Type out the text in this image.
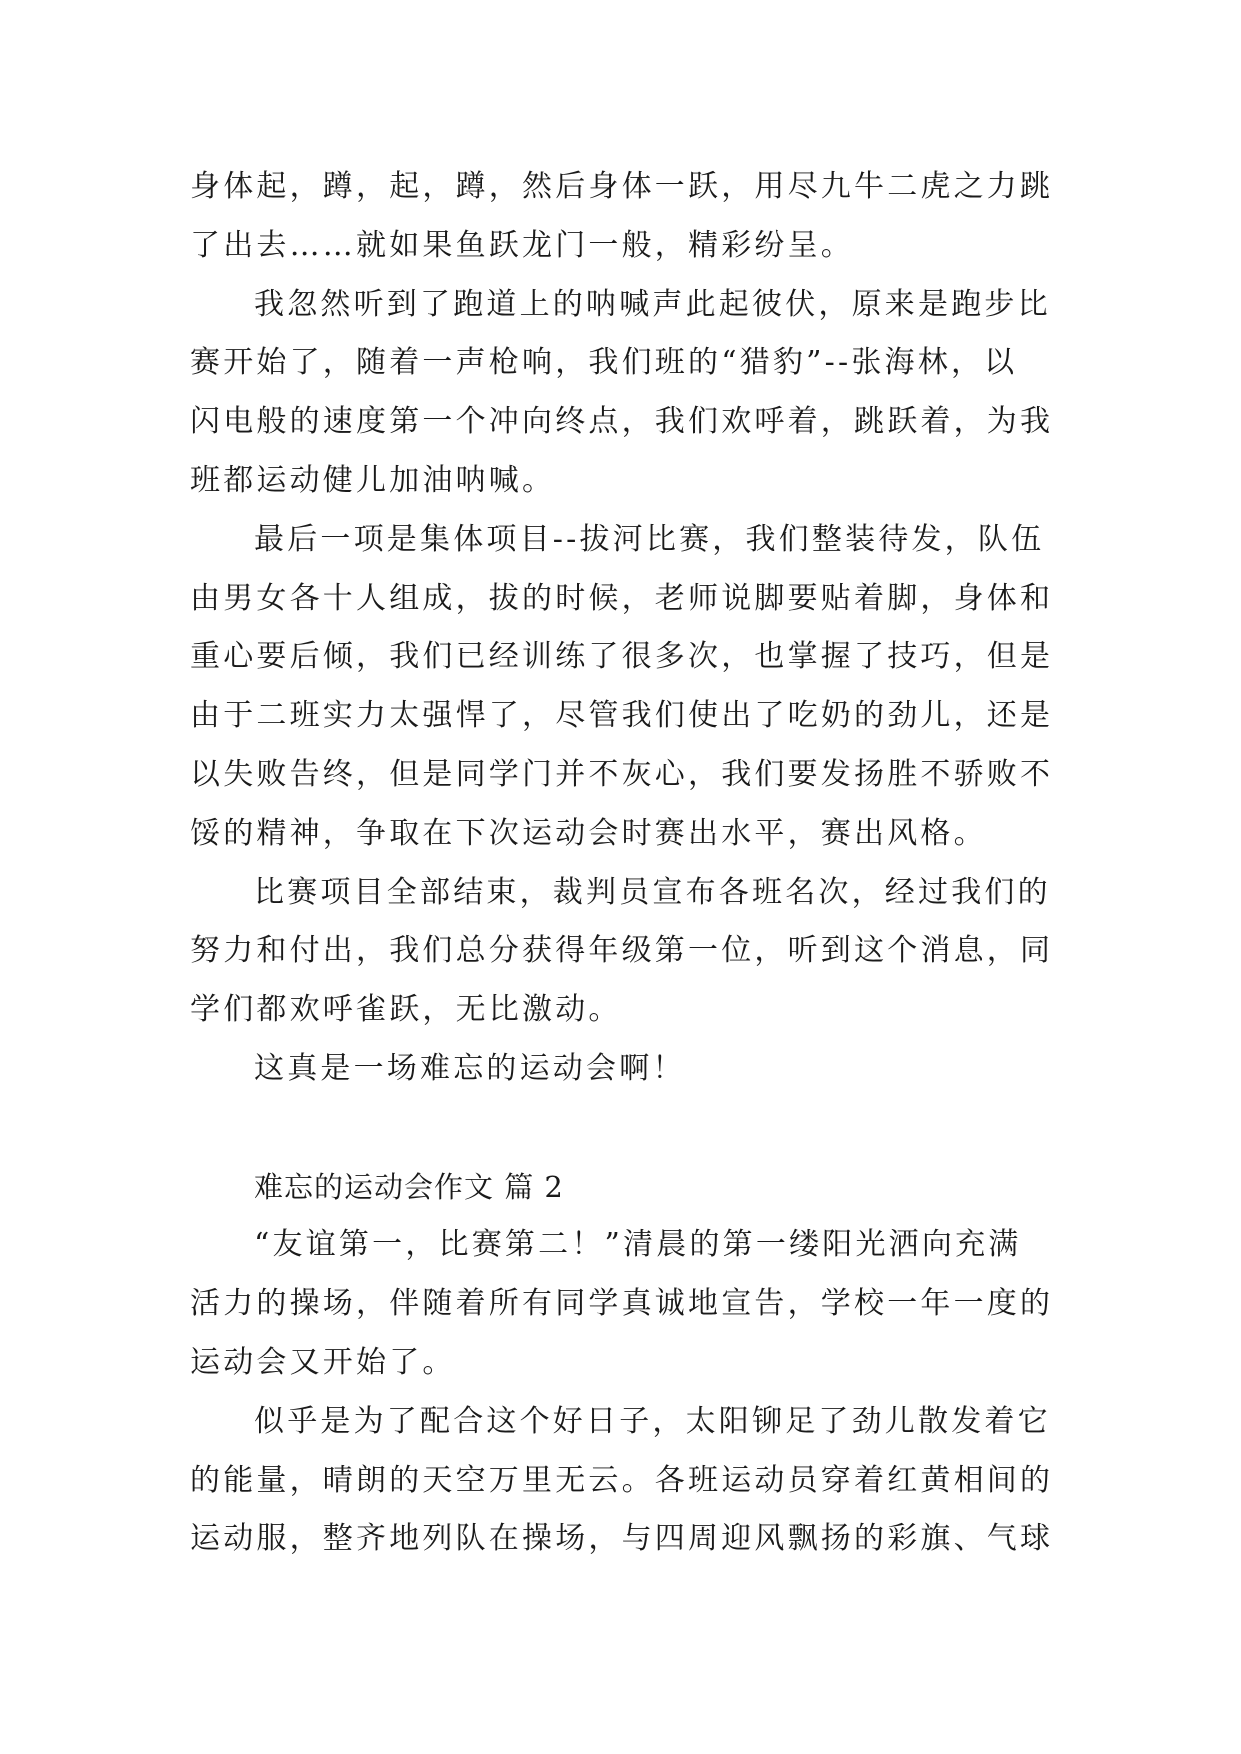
身体起，蹲，起，蹲，然后身体一跃，用尽九牛二虎之力跳
了出去……就如果鱼跃龙门一般，精彩纷呈。
我忽然听到了跑道上的呐喊声此起彼伏，原来是跑步比
赛开始了，随着一声枪响，我们班的“猎豹”--张海林，以
闪电般的速度第一个冲向终点，我们欢呼着，跳跃着，为我
班都运动健儿加油呐喊。
最后一项是集体项目--拔河比赛，我们整装待发，队伍
由男女各十人组成，拔的时候，老师说脚要贴着脚，身体和
重心要后倾，我们已经训练了很多次，也掌握了技巧，但是
由于二班实力太强悍了，尽管我们使出了吃奶的劲儿，还是
以失败告终，但是同学门并不灰心，我们要发扬胜不骄败不
馁的精神，争取在下次运动会时赛出水平，赛出风格。
比赛项目全部结束，裁判员宣布各班名次，经过我们的
努力和付出，我们总分获得年级第一位，听到这个消息，同
学们都欢呼雀跃，无比激动。
这真是一场难忘的运动会啊！
难忘的运动会作文 篇 2
“友谊第一，比赛第二！”清晨的第一缕阳光洒向充满
活力的操场，伴随着所有同学真诚地宣告，学校一年一度的
运动会又开始了。
似乎是为了配合这个好日子，太阳铆足了劲儿散发着它
的能量，晴朗的天空万里无云。各班运动员穿着红黄相间的
运动服，整齐地列队在操场，与四周迎风飘扬的彩旗、气球
